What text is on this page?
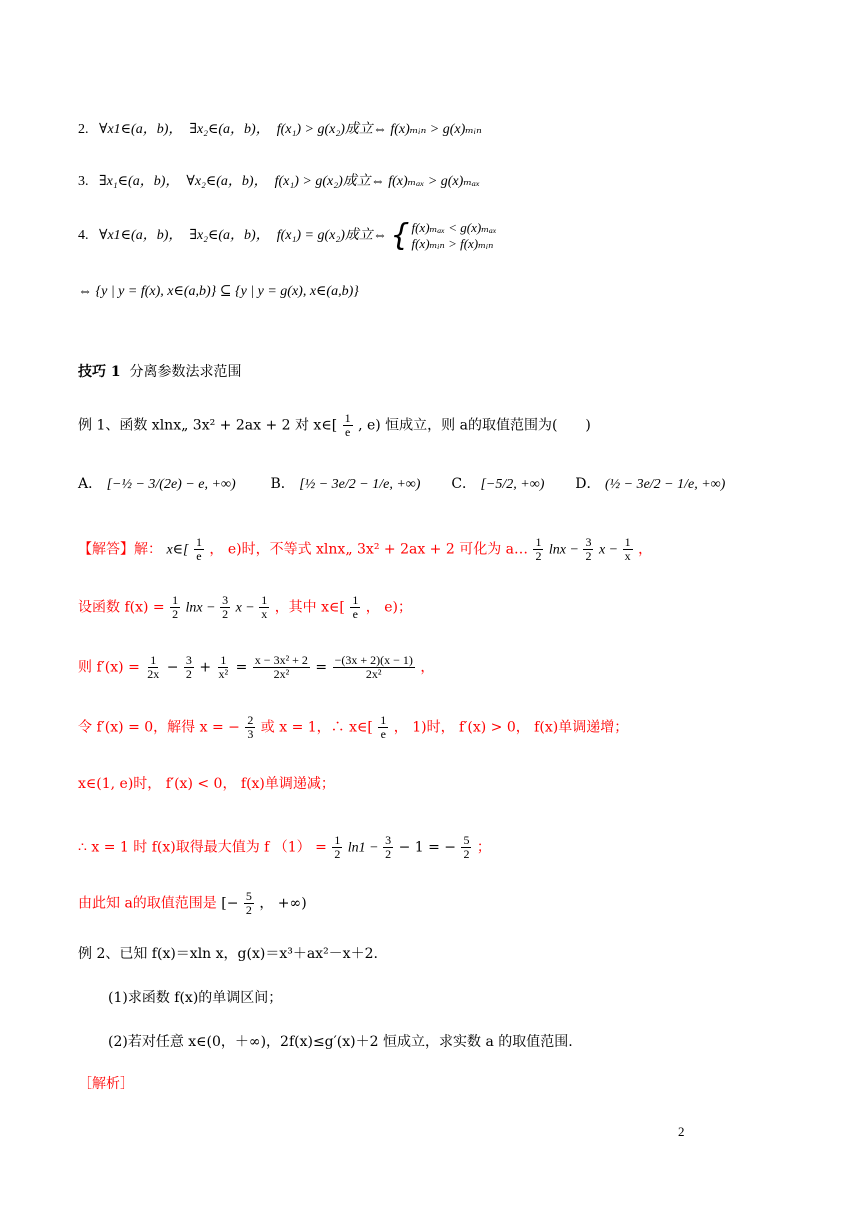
2. ∀x1∈(a，b)， ∃x₂∈(a，b)， f(x₁) > g(x₂)成立⇔ f(x)ₘᵢₙ > g(x)ₘᵢₙ
3. ∃x₁∈(a，b)， ∀x₂∈(a，b)， f(x₁) > g(x₂)成立⇔ f(x)ₘₐₓ > g(x)ₘₐₓ
4. ∀x1∈(a，b)， ∃x₂∈(a，b)， f(x₁) = g(x₂)成立⇔ { f(x)ₘₐₓ < g(x)ₘₐₓ
f(x)ₘᵢₙ > f(x)ₘᵢₙ
⇔ {y | y = f(x), x∈(a,b)} ⊆ {y | y = g(x), x∈(a,b)}
技巧 1 分离参数法求范围
例 1、函数 xlnx„ 3x² + 2ax + 2 对 x∈[ $\frac{1}{e}$ , e) 恒成立，则 a的取值范围为(　　)
A． [−½ − 3/(2e) − e, +∞) B． [½ − 3e/2 − 1/e, +∞) C． [−5/2, +∞) D． (½ − 3e/2 − 1/e, +∞)
【解答】解： x∈[ $\frac{1}{e}$ ， e)时，不等式 xlnx„ 3x² + 2ax + 2 可化为 a… $\frac{1}{2}$ $\ln x - \frac{3}{2}$ $x - \frac{1}{x}$ ，
设函数 $f(x) = \frac{1}{2}$ $\ln x - \frac{3}{2}$ $x - \frac{1}{x}$ ，其中 x∈[ $\frac{1}{e}$ ， e)；
则 $f'(x) = \frac{1}{2x} - \frac{3}{2} + \frac{1}{\text{x²}} = \frac{\text{x − 3x² + 2}}{\text{2x²}} = \frac{-(3x + 2)(x - 1)}{\text{2x²}}$ ，
令 f′(x) = 0，解得 x = − $\frac{2}{3}$ 或 x = 1，∴ x∈[ $\frac{1}{e}$ ， 1)时， f′(x) > 0， f(x)单调递增；
x∈(1, e)时， f′(x) < 0， f(x)单调递减；
∴ x = 1 时 f(x)取得最大值为 f $(1) = \frac{1}{2} \ln 1 - \frac{3}{2} - 1$ = − $\frac{5}{2}$ ；
由此知 a的取值范围是 [− $\frac{5}{2}$ ， +∞)
例 2、已知 f(x)＝xln x，g(x)＝x³＋ax²－x＋2.
(1)求函数 f(x)的单调区间；
(2)若对任意 x∈(0，＋∞)，2f(x)≤g′(x)＋2 恒成立，求实数 a 的取值范围.
［解析］
2
